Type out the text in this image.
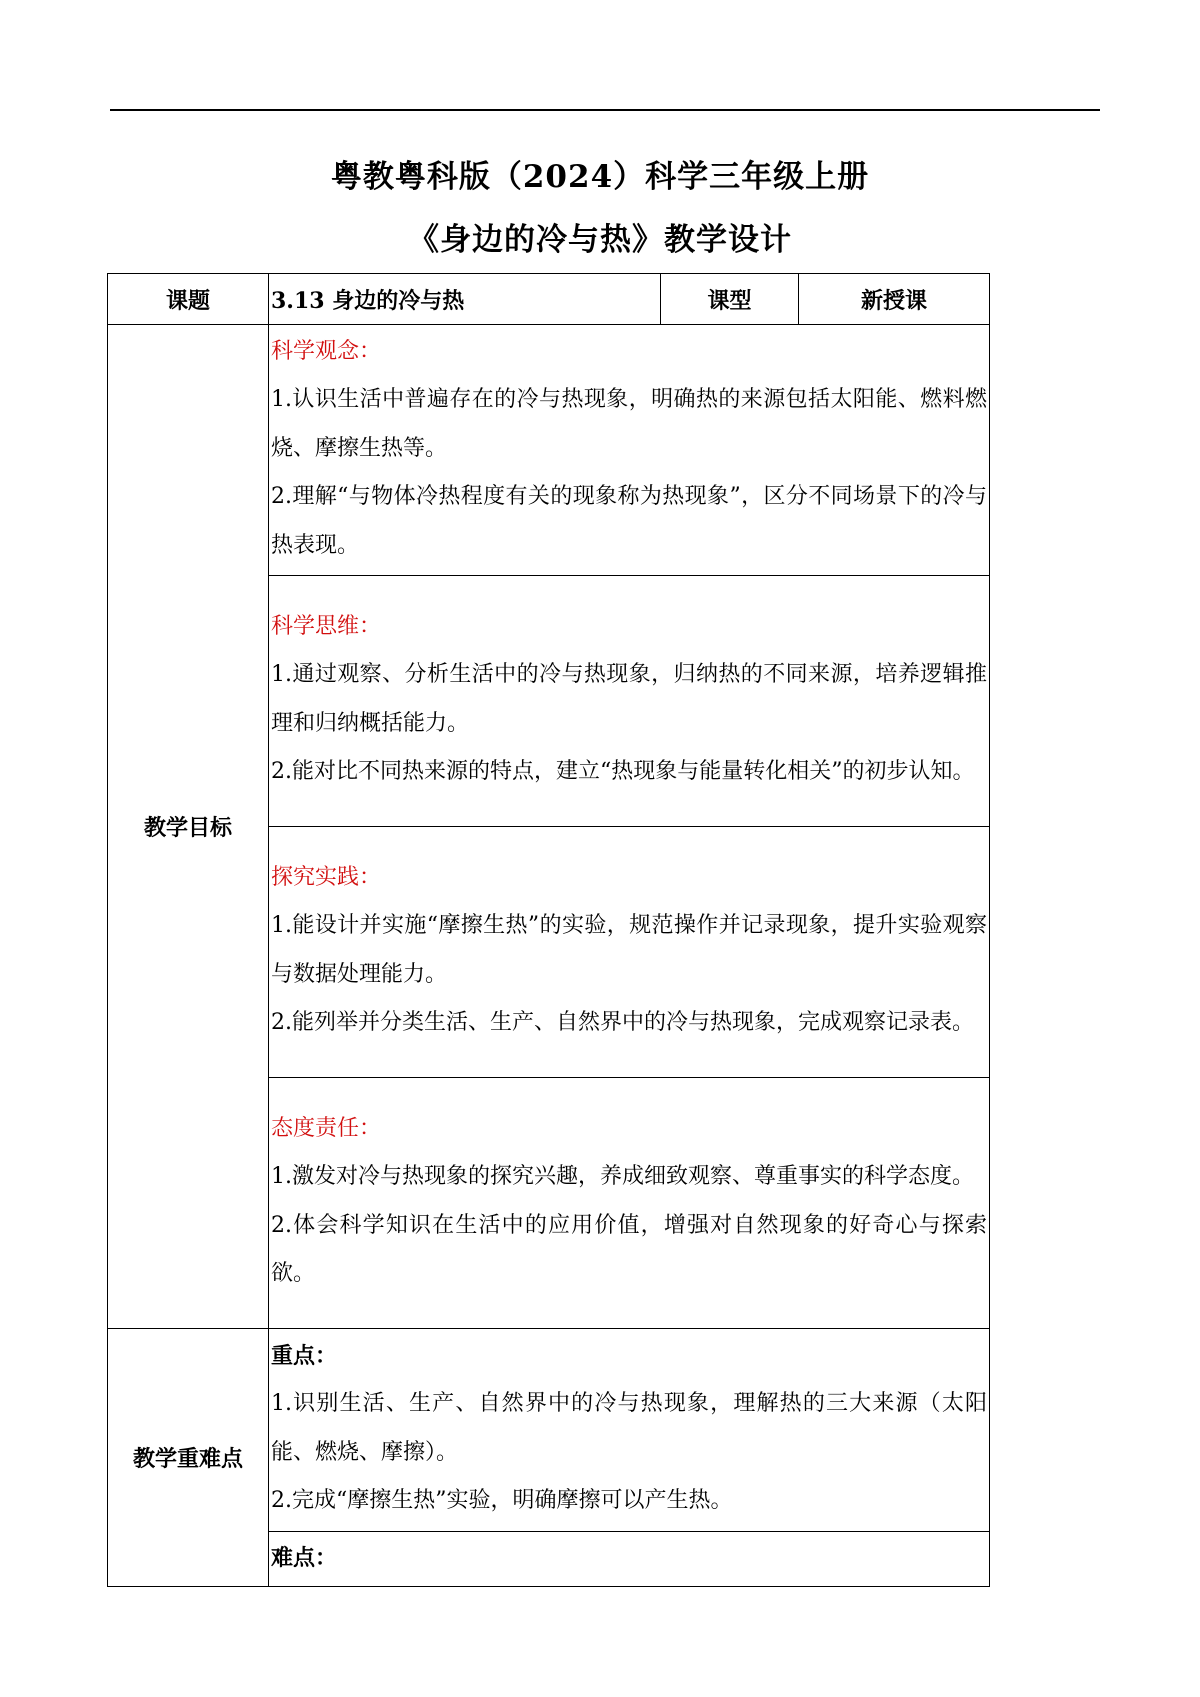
粤教粤科版（2024）科学三年级上册
《身边的冷与热》教学设计
课题	3.13 身边的冷与热	课型	新授课
教学目标	科学观念：
1.认识生活中普遍存在的冷与热现象，明确热的来源包括太阳能、燃料燃烧、摩擦生热等。
2.理解“与物体冷热程度有关的现象称为热现象”，区分不同场景下的冷与热表现。		

	科学思维：
1.通过观察、分析生活中的冷与热现象，归纳热的不同来源，培养逻辑推理和归纳概括能力。
2.能对比不同热来源的特点，建立“热现象与能量转化相关”的初步认知。		

	探究实践：
1.能设计并实施“摩擦生热”的实验，规范操作并记录现象，提升实验观察与数据处理能力。
2.能列举并分类生活、生产、自然界中的冷与热现象，完成观察记录表。		

	态度责任：
1.激发对冷与热现象的探究兴趣，养成细致观察、尊重事实的科学态度。
2.体会科学知识在生活中的应用价值，增强对自然现象的好奇心与探索欲。		

教学重难点	重点：
1.识别生活、生产、自然界中的冷与热现象，理解热的三大来源（太阳能、燃烧、摩擦）。
2.完成“摩擦生热”实验，明确摩擦可以产生热。		

	难点：		
